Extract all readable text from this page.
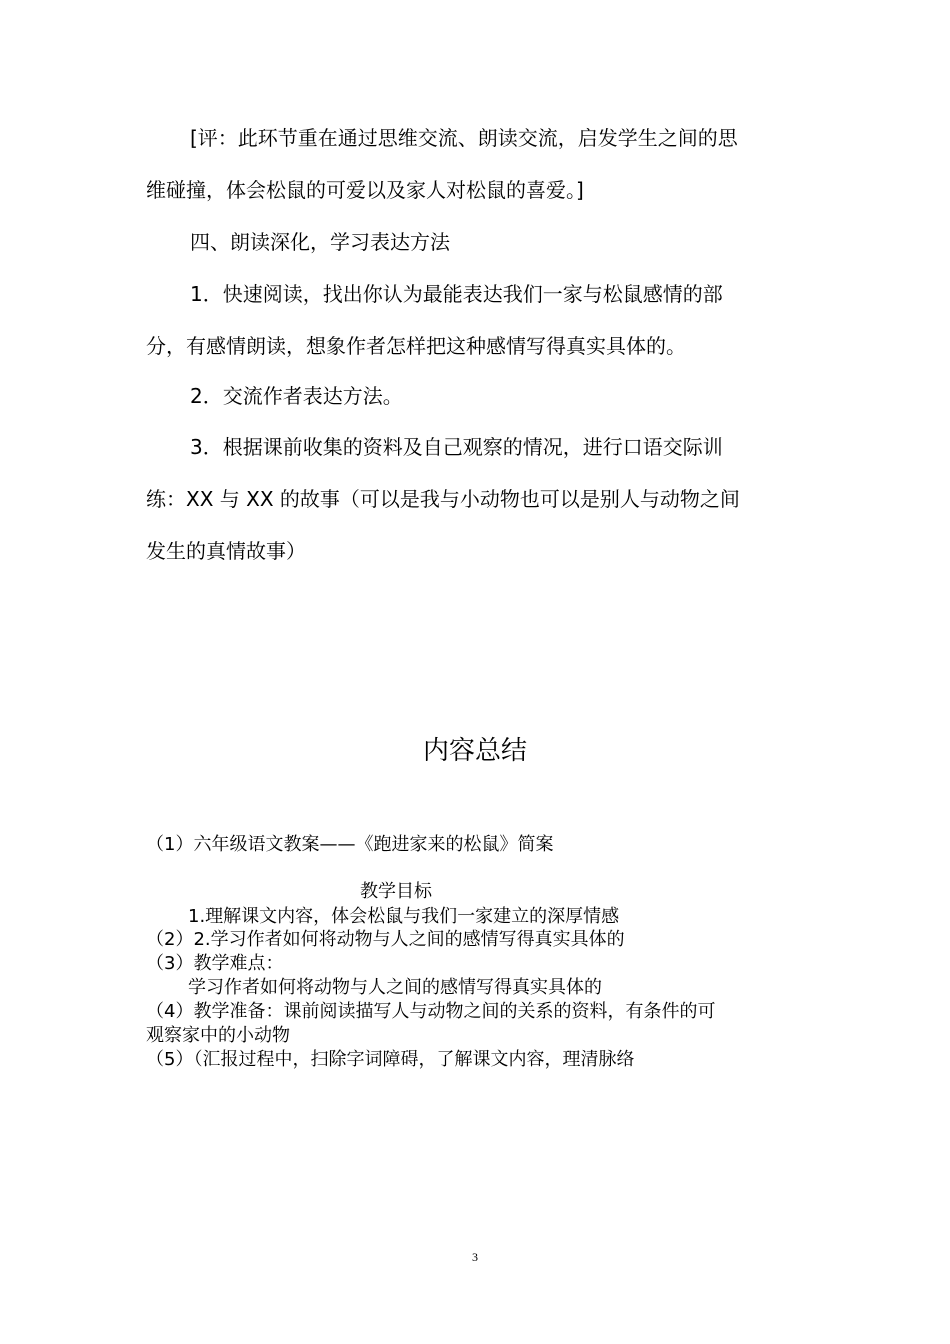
[评：此环节重在通过思维交流、朗读交流，启发学生之间的思

维碰撞，体会松鼠的可爱以及家人对松鼠的喜爱。]

四、朗读深化，学习表达方法

1．快速阅读，找出你认为最能表达我们一家与松鼠感情的部

分，有感情朗读，想象作者怎样把这种感情写得真实具体的。

2．交流作者表达方法。

3．根据课前收集的资料及自己观察的情况，进行口语交际训

练：XX 与 XX 的故事（可以是我与小动物也可以是别人与动物之间

发生的真情故事）

内容总结

（1）六年级语文教案——《跑进家来的松鼠》简案

教学目标

1.理解课文内容，体会松鼠与我们一家建立的深厚情感

（2）2.学习作者如何将动物与人之间的感情写得真实具体的

（3）教学难点：

学习作者如何将动物与人之间的感情写得真实具体的

（4）教学准备：课前阅读描写人与动物之间的关系的资料，有条件的可

观察家中的小动物

（5）（汇报过程中，扫除字词障碍，了解课文内容，理清脉络

3
